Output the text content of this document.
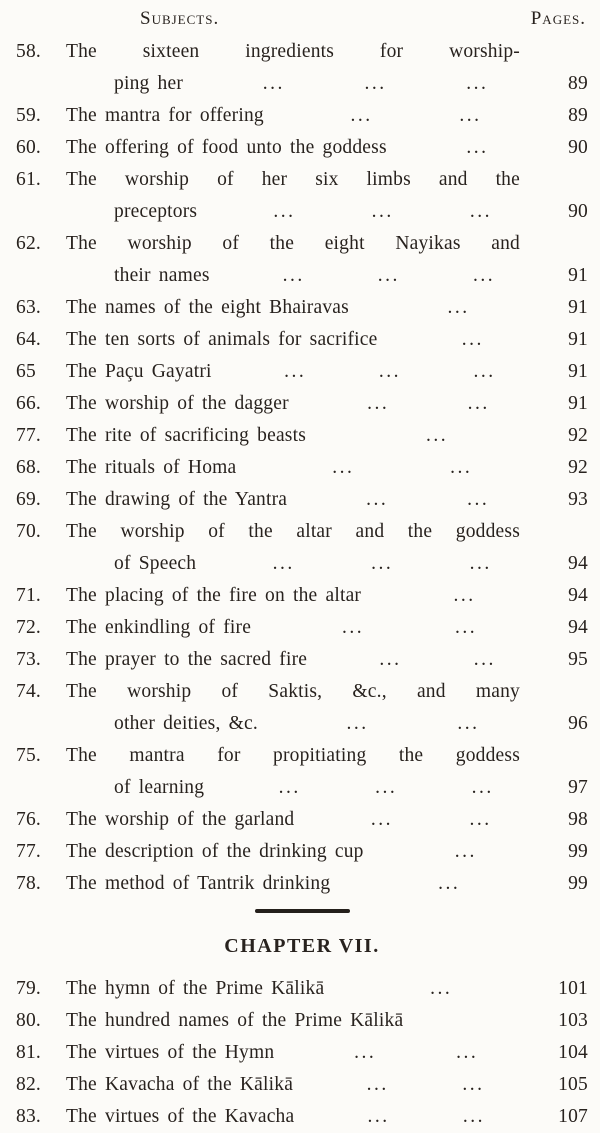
Subjects.	Pages.
58.	The sixteen ingredients for worship-
ping her	...	...	...	89
59.	The mantra for offering	...	...	89
60.	The offering of food unto the goddess	...	90
61.	The worship of her six limbs and the
preceptors	...	...	...	90
62.	The worship of the eight Nayikas and
their names	...	...	...	91
63.	The names of the eight Bhairavas	...	91
64.	The ten sorts of animals for sacrifice	...	91
65	The Paçu Gayatri	...	...	...	91
66.	The worship of the dagger	...	...	91
77.	The rite of sacrificing beasts	...	92
68.	The rituals of Homa	...	...	92
69.	The drawing of the Yantra	...	...	93
70.	The worship of the altar and the goddess
of Speech	...	...	...	94
71.	The placing of the fire on the altar	...	94
72.	The enkindling of fire	...	...	94
73.	The prayer to the sacred fire	...	...	95
74.	The worship of Saktis, &c., and many
other deities, &c.	...	...	96
75.	The mantra for propitiating the goddess
of learning	...	...	...	97
76.	The worship of the garland	...	...	98
77.	The description of the drinking cup	...	99
78.	The method of Tantrik drinking	...	99
CHAPTER VII.
79.	The hymn of the Prime Kālikā	...	101
80.	The hundred names of the Prime Kālikā	103
81.	The virtues of the Hymn	...	...	104
82.	The Kavacha of the Kālikā	...	...	105
83.	The virtues of the Kavacha	...	...	107
